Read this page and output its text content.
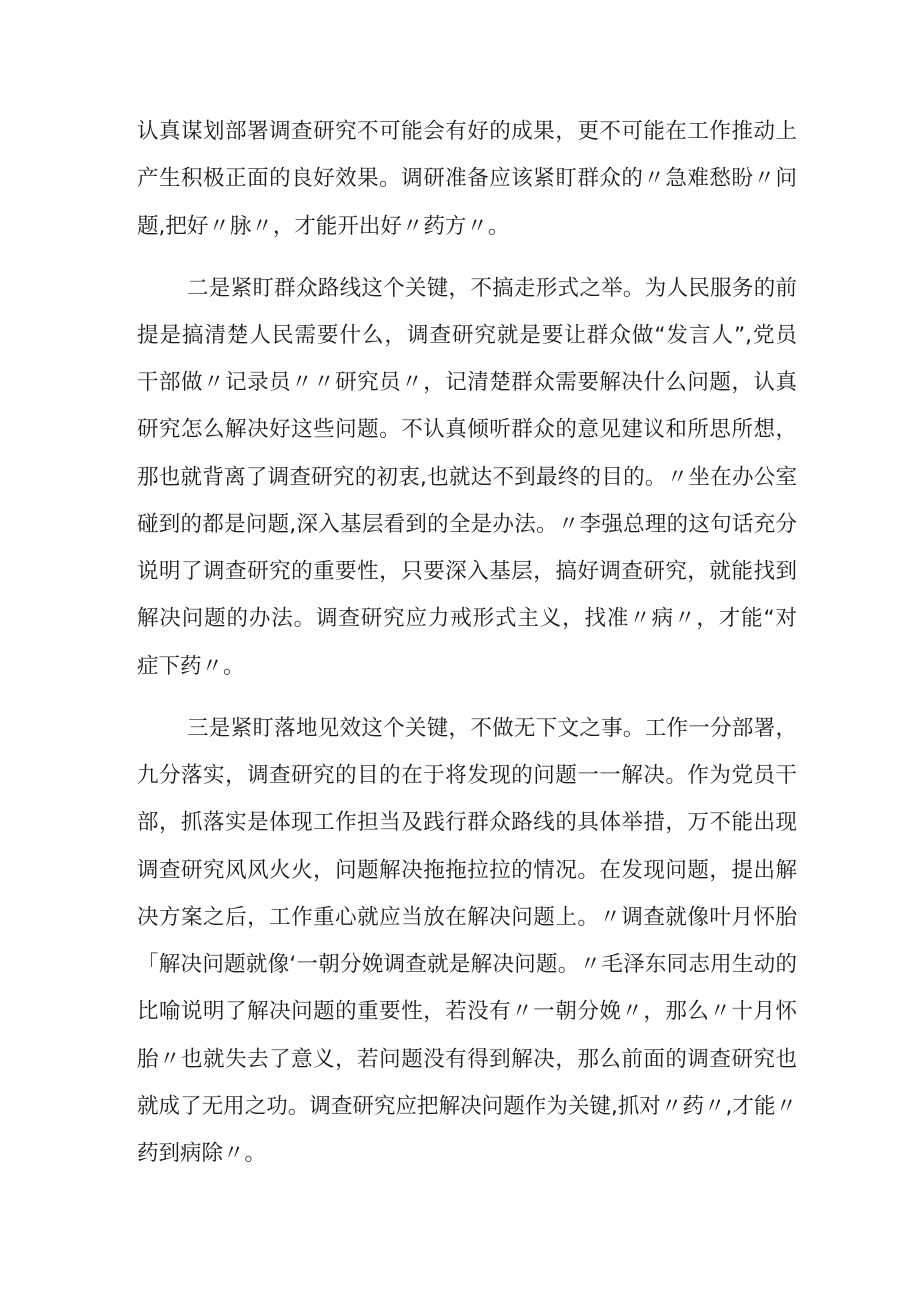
认真谋划部署调查研究不可能会有好的成果，更不可能在工作推动上
产生积极正面的良好效果。调研准备应该紧盯群众的〃急难愁盼〃问
题,把好〃脉〃，才能开出好〃药方〃。
二是紧盯群众路线这个关键，不搞走形式之举。为人民服务的前
提是搞清楚人民需要什么，调查研究就是要让群众做“发言人”,党员
干部做〃记录员〃〃研究员〃，记清楚群众需要解决什么问题，认真
研究怎么解决好这些问题。不认真倾听群众的意见建议和所思所想，
那也就背离了调查研究的初衷,也就达不到最终的目的。〃坐在办公室
碰到的都是问题,深入基层看到的全是办法。〃李强总理的这句话充分
说明了调查研究的重要性，只要深入基层，搞好调查研究，就能找到
解决问题的办法。调查研究应力戒形式主义，找准〃病〃，才能“对
症下药〃。
三是紧盯落地见效这个关键，不做无下文之事。工作一分部署，
九分落实，调查研究的目的在于将发现的问题一一解决。作为党员干
部，抓落实是体现工作担当及践行群众路线的具体举措，万不能出现
调查研究风风火火，问题解决拖拖拉拉的情况。在发现问题，提出解
决方案之后，工作重心就应当放在解决问题上。〃调查就像叶月怀胎
「解决问题就像‘一朝分娩调查就是解决问题。〃毛泽东同志用生动的
比喻说明了解决问题的重要性，若没有〃一朝分娩〃，那么〃十月怀
胎〃也就失去了意义，若问题没有得到解决，那么前面的调查研究也
就成了无用之功。调查研究应把解决问题作为关键,抓对〃药〃,才能〃
药到病除〃。
